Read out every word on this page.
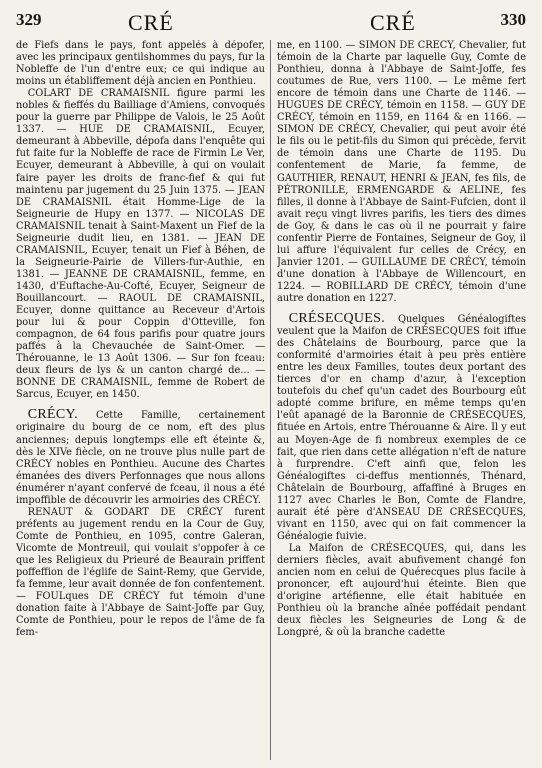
329	CRÉ	CRÉ	330

de Fiefs dans le pays, font appelés à dépofer, avec les principaux gentilshommes du pays, fur la Nobleffe de l'un d'entre eux; ce qui indique au moins un établiffement déjà ancien en Ponthieu.

COLART DE CRAMAISNIL figure parmi les nobles & fieffés du Bailliage d'Amiens, convoqués pour la guerre par Philippe de Valois, le 25 Août 1337. — HUE DE CRAMAISNIL, Ecuyer, demeurant à Abbeville, dépofa dans l'enquête qui fut faite fur la Nobleffe de race de Firmin Le Ver, Ecuyer, demeurant à Abbeville, à qui on voulait faire payer les droits de franc-fief & qui fut maintenu par jugement du 25 Juin 1375. — JEAN DE CRAMAISNIL était Homme-Lige de la Seigneurie de Hupy en 1377. — NICOLAS DE CRAMAISNIL tenait à Saint-Maxent un Fief de la Seigneurie dudit lieu, en 1381. — JEAN DE CRAMAISNIL, Ecuyer, tenait un Fief à Béhen, de la Seigneurie-Pairie de Villers-fur-Authie, en 1381. — JEANNE DE CRAMAISNIL, femme, en 1430, d'Euftache-Au-Cofté, Ecuyer, Seigneur de Bouillancourt. — RAOUL DE CRAMAISNIL, Ecuyer, donne quittance au Receveur d'Artois pour lui & pour Coppin d'Otteville, fon compagnon, de 64 fous parifis pour quatre jours paffés à la Chevauchée de Saint-Omer. — Thérouanne, le 13 Août 1306. — Sur fon fceau: deux fleurs de lys & un canton chargé de... — BONNE DE CRAMAISNIL, femme de Robert de Sarcus, Ecuyer, en 1450.

CRÉCY. Cette Famille, certainement originaire du bourg de ce nom, eft des plus anciennes; depuis longtemps elle eft éteinte &, dès le XIVe fiècle, on ne trouve plus nulle part de CRÉCY nobles en Ponthieu. Aucune des Chartes émanées des divers Perfonnages que nous allons énumérer n'ayant confervé de fceau, il nous a été impoffible de découvrir les armoiries des CRÉCY.

RENAUT & GODART DE CRÉCY furent préfents au jugement rendu en la Cour de Guy, Comte de Ponthieu, en 1095, contre Galeran, Vicomte de Montreuil, qui voulait s'oppofer à ce que les Religieux du Prieuré de Beaurain priffent poffeffion de l'églife de Saint-Remy, que Gervide, fa femme, leur avait donnée de fon confentement. — FOULques DE CRÉCY fut témoin d'une donation faite à l'Abbaye de Saint-Joffe par Guy, Comte de Ponthieu, pour le repos de l'âme de fa fem-

me, en 1100. — SIMON DE CRÉCY, Chevalier, fut témoin de la Charte par laquelle Guy, Comte de Ponthieu, donna à l'Abbaye de Saint-Joffe, fes coutumes de Rue, vers 1100. — Le même fert encore de témoin dans une Charte de 1146. — HUGUES DE CRÉCY, témoin en 1158. — GUY DE CRÉCY, témoin en 1159, en 1164 & en 1166. — SIMON DE CRÉCY, Chevalier, qui peut avoir été le fils ou le petit-fils du Simon qui précède, fervit de témoin dans une Charte de 1195. Du confentement de Marie, fa femme, de GAUTHIER, RENAUT, HENRI & JEAN, fes fils, de PÉTRONILLE, ERMENGARDE & AELINE, fes filles, il donne à l'Abbaye de Saint-Fufcien, dont il avait reçu vingt livres parifis, les tiers des dimes de Goy, & dans le cas où il ne pourrait y faire confentir Pierre de Fontaines, Seigneur de Goy, il lui affure l'équivalent fur celles de Crécy, en Janvier 1201. — GUILLAUME DE CRÉCY, témoin d'une donation à l'Abbaye de Willencourt, en 1224. — ROBILLARD DE CRÉCY, témoin d'une autre donation en 1227.

CRÉSECQUES. Quelques Généalogiftes veulent que la Maifon de CRÉSECQUES foit iffue des Châtelains de Bourbourg, parce que la conformité d'armoiries était à peu près entière entre les deux Familles, toutes deux portant des tierces d'or en champ d'azur, à l'exception toutefois du chef qu'un cadet des Bourbourg eût adopté comme brifure, en même temps qu'en l'eût apanagé de la Baronnie de CRÉSECQUES, fituée en Artois, entre Thérouanne & Aire. Il y eut au Moyen-Age de fi nombreux exemples de ce fait, que rien dans cette allégation n'eft de nature à furprendre. C'eft ainfi que, felon les Généalogiftes ci-deffus mentionnés, Thénard, Châtelain de Bourbourg, affaffiné à Bruges en 1127 avec Charles le Bon, Comte de Flandre, aurait été père d'ANSEAU DE CRÉSECQUES, vivant en 1150, avec qui on fait commencer la Généalogie fuivie.

La Maifon de CRÉSECQUES, qui, dans les derniers fiècles, avait abufivement changé fon ancien nom en celui de Quérecques plus facile à prononcer, eft aujourd'hui éteinte. Bien que d'origine artéfienne, elle était habituée en Ponthieu où la branche aînée poffédait pendant deux fiècles les Seigneuries de Long & de Longpré, & où la branche cadette
